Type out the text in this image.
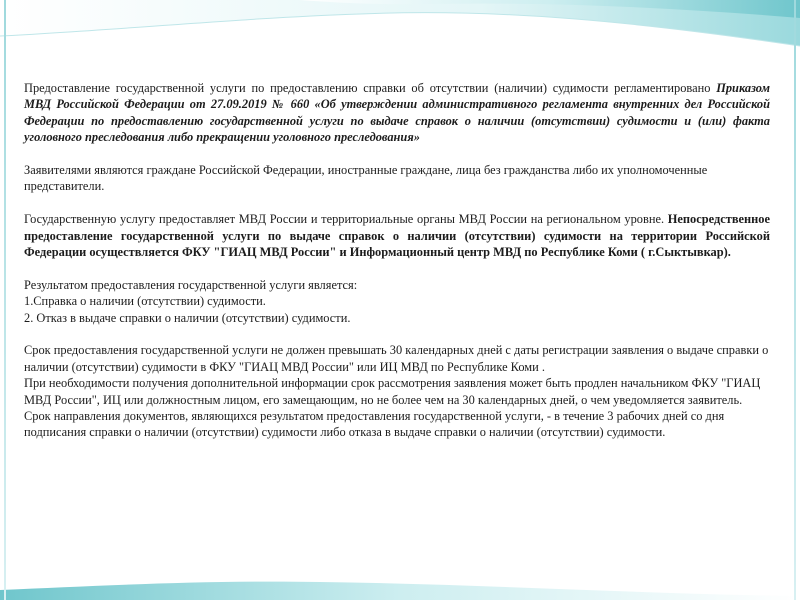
Предоставление государственной услуги по предоставлению справки об отсутствии (наличии) судимости регламентировано Приказом МВД Российской Федерации от 27.09.2019 № 660 «Об утверждении административного регламента внутренних дел Российской Федерации по предоставлению государственной услуги по выдаче справок о наличии (отсутствии) судимости и (или) факта уголовного преследования либо прекращении уголовного преследования»

Заявителями являются граждане Российской Федерации, иностранные граждане, лица без гражданства либо их уполномоченные представители.

Государственную услугу предоставляет МВД России и территориальные органы МВД России на региональном уровне. Непосредственное предоставление государственной услуги по выдаче справок о наличии (отсутствии) судимости на территории Российской Федерации осуществляется ФКУ "ГИАЦ МВД России" и Информационный центр МВД по Республике Коми ( г.Сыктывкар).

Результатом предоставления государственной услуги является:
1.Справка о наличии (отсутствии) судимости.
2. Отказ в выдаче справки о наличии (отсутствии) судимости.

Срок предоставления государственной услуги не должен превышать 30 календарных дней с даты регистрации заявления о выдаче справки о наличии (отсутствии) судимости в ФКУ "ГИАЦ МВД России" или ИЦ МВД по Республике Коми .
При необходимости получения дополнительной информации срок рассмотрения заявления может быть продлен начальником ФКУ "ГИАЦ МВД России", ИЦ или должностным лицом, его замещающим, но не более чем на 30 календарных дней, о чем уведомляется заявитель.
Срок направления документов, являющихся результатом предоставления государственной услуги, - в течение 3 рабочих дней со дня подписания справки о наличии (отсутствии) судимости либо отказа в выдаче справки о наличии (отсутствии) судимости.
